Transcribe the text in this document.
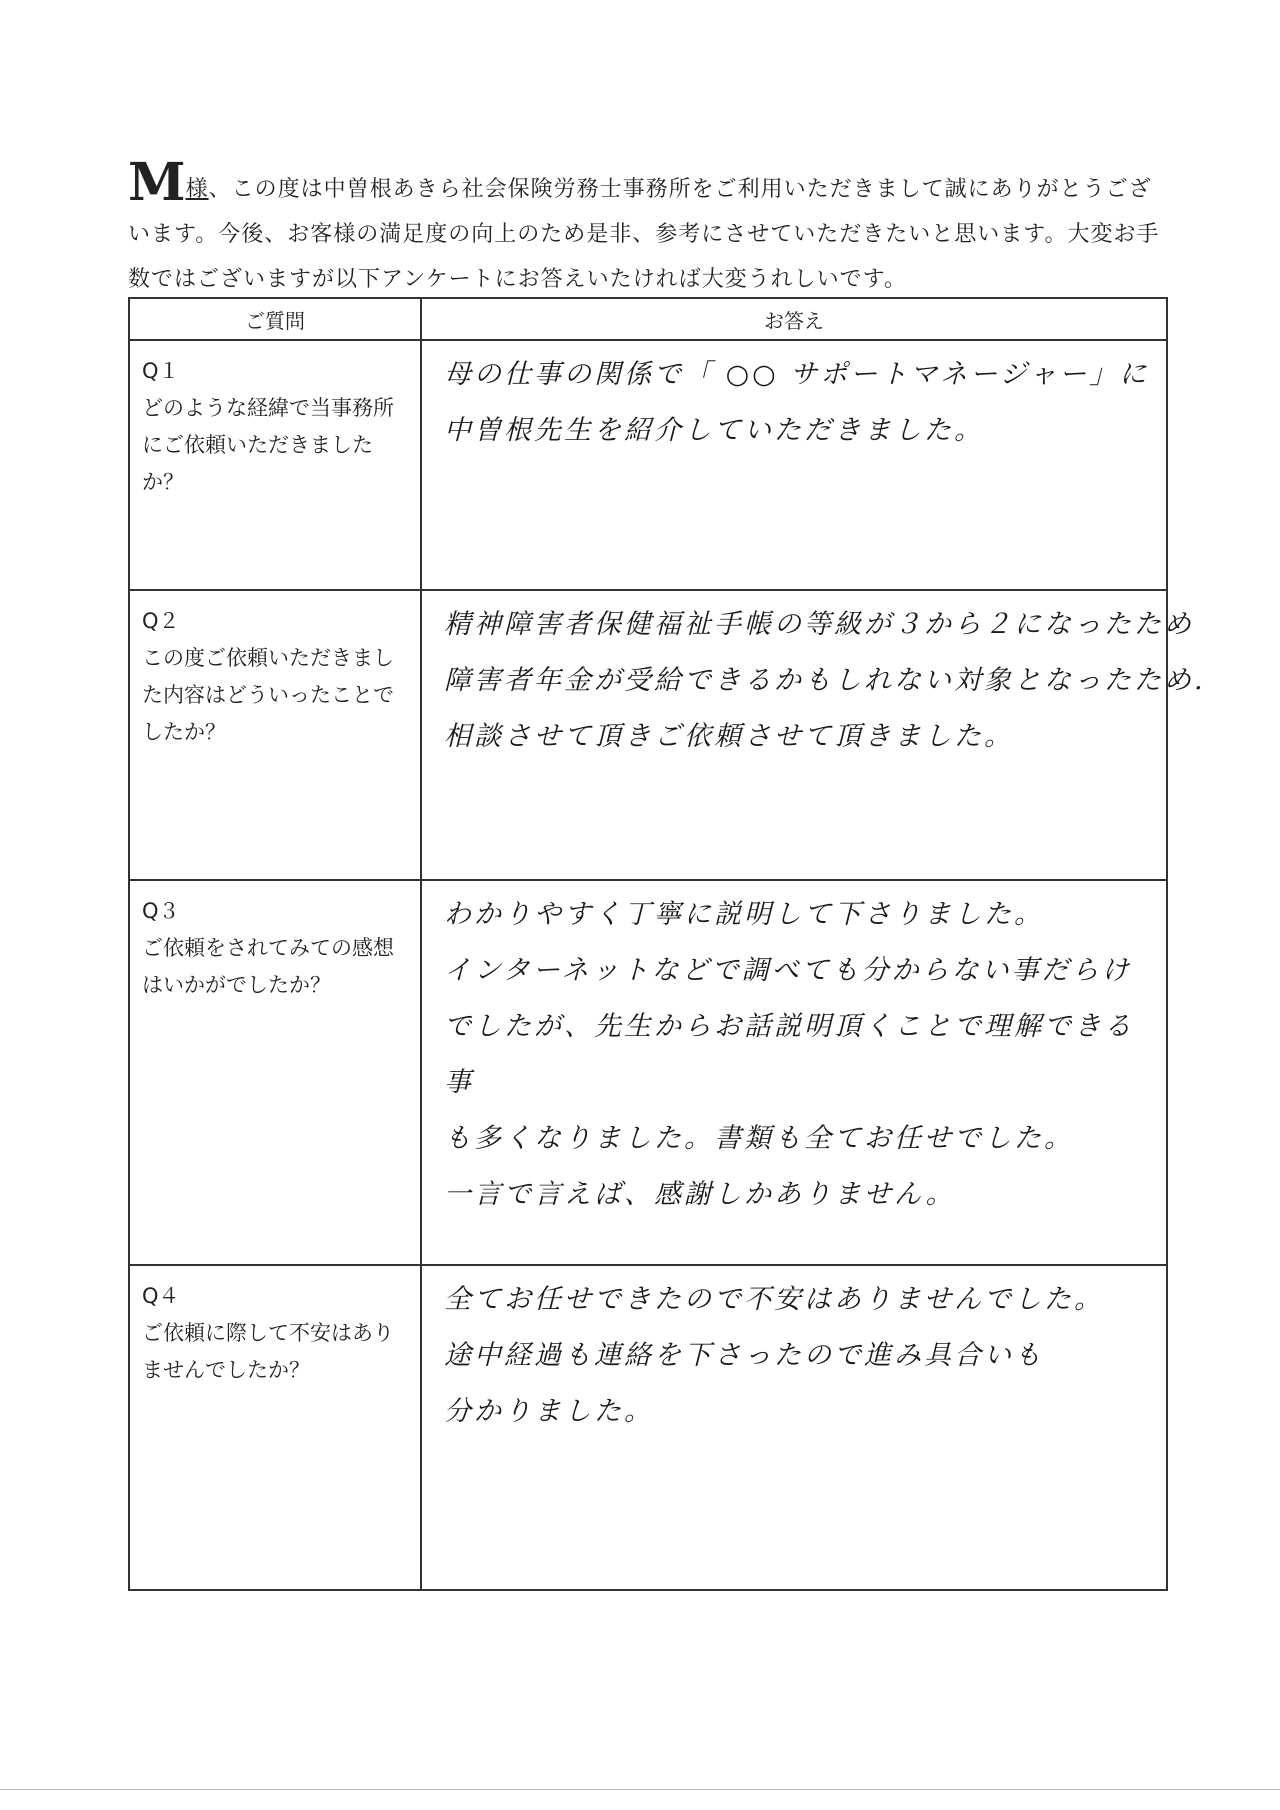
M様、この度は中曽根あきら社会保険労務士事務所をご利用いただきまして誠にありがとうございます。今後、お客様の満足度の向上のため是非、参考にさせていただきたいと思います。大変お手数ではございますが以下アンケートにお答えいたければ大変うれしいです。
ご質問	お答え

Q１
どのような経緯で当事務所にご依頼いただきましたか？	母の仕事の関係で「 ○○ サポートマネージャー」に
中曽根先生を紹介していただきました。

Q２
この度ご依頼いただきました内容はどういったことでしたか？	精神障害者保健福祉手帳の等級が３から２になったため
障害者年金が受給できるかもしれない対象となったため.
相談させて頂きご依頼させて頂きました。

Q３
ご依頼をされてみての感想はいかがでしたか？	わかりやすく丁寧に説明して下さりました。
インターネットなどで調べても分からない事だらけでしたが、先生からお話説明頂くことで理解できる事
も多くなりました。書類も全てお任せでした。
一言で言えば、感謝しかありません。

Q４
ご依頼に際して不安はありませんでしたか？	全てお任せできたので不安はありませんでした。
途中経過も連絡を下さったので進み具合いも
分かりました。
